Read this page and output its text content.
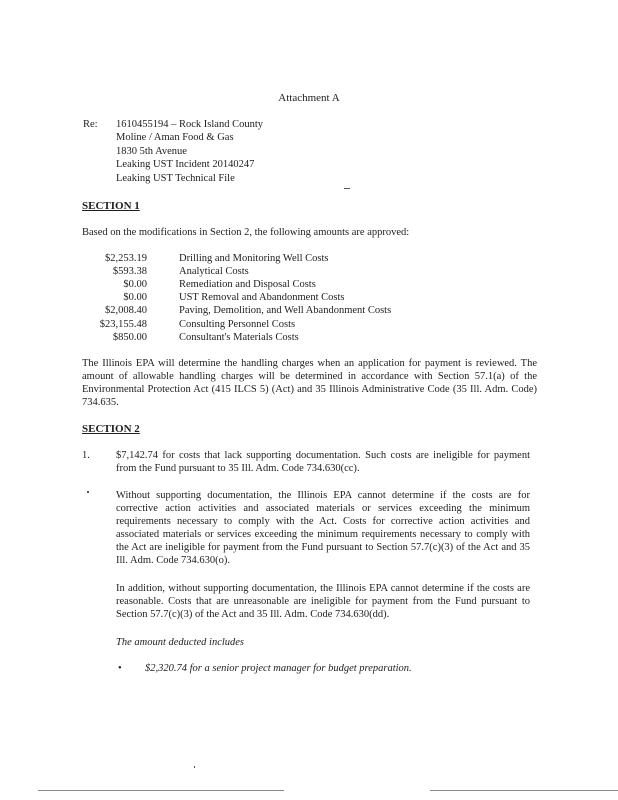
Attachment A
Re: 1610455194 – Rock Island County
Moline / Aman Food & Gas
1830 5th Avenue
Leaking UST Incident 20140247
Leaking UST Technical File
SECTION 1
Based on the modifications in Section 2, the following amounts are approved:
$2,253.19	Drilling and Monitoring Well Costs
$593.38	Analytical Costs
$0.00	Remediation and Disposal Costs
$0.00	UST Removal and Abandonment Costs
$2,008.40	Paving, Demolition, and Well Abandonment Costs
$23,155.48	Consulting Personnel Costs
$850.00	Consultant's Materials Costs
The Illinois EPA will determine the handling charges when an application for payment is reviewed. The amount of allowable handling charges will be determined in accordance with Section 57.1(a) of the Environmental Protection Act (415 ILCS 5) (Act) and 35 Illinois Administrative Code (35 Ill. Adm. Code) 734.635.
SECTION 2
1. $7,142.74 for costs that lack supporting documentation. Such costs are ineligible for payment from the Fund pursuant to 35 Ill. Adm. Code 734.630(cc).
Without supporting documentation, the Illinois EPA cannot determine if the costs are for corrective action activities and associated materials or services exceeding the minimum requirements necessary to comply with the Act. Costs for corrective action activities and associated materials or services exceeding the minimum requirements necessary to comply with the Act are ineligible for payment from the Fund pursuant to Section 57.7(c)(3) of the Act and 35 Ill. Adm. Code 734.630(o).
In addition, without supporting documentation, the Illinois EPA cannot determine if the costs are reasonable. Costs that are unreasonable are ineligible for payment from the Fund pursuant to Section 57.7(c)(3) of the Act and 35 Ill. Adm. Code 734.630(dd).
The amount deducted includes
• $2,320.74 for a senior project manager for budget preparation.
